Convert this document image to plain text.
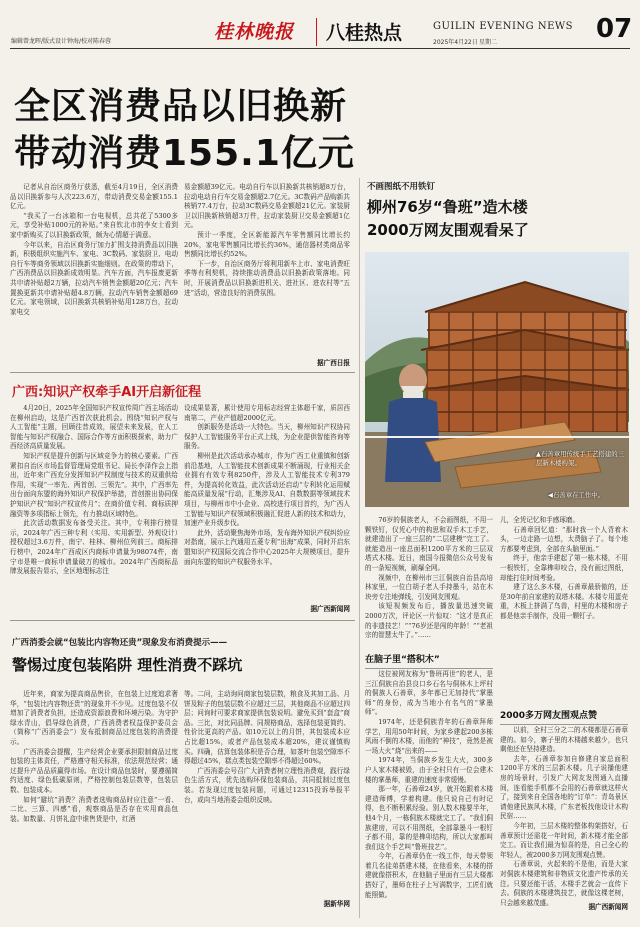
编辑曾龙晖/版式设计钟海/校对陈春蓉	桂林晚报 八桂热点	GUILIN EVENING NEWS
2025年4月22日 星期二	07
全区消费品以旧换新
带动消费155.1亿元

记者从自治区商务厅获悉，截至4月19日，全区消费品以旧换新参与人次223.6万，带动消费交易金额155.1亿元。

“我买了一台冰箱和一台电视机，总共花了5300多元，享受补贴1000元的补贴。”来自钦北市的李女士看到家中新购买了以旧换新政策，颇为心情超于满意。

今年以来，自治区商务厅加力扩围支持消费品以旧换新，积极组织实施汽车、家电、3C数码、家装厨卫、电动自行车等商务领域以旧换新实施细则。在政策的带动下，广西消费品以旧换新成效明显。汽车方面，汽车报废更新共申请补贴超2万辆，拉动汽车销售金额超20亿元；汽车置换更新共申请补贴超4.8万辆，拉动汽车销售金额超69亿元。家电领域，以旧换新共核销补贴用128万台，拉动家电交

易金额超39亿元。电动自行车以旧换新共核销超8万台，拉动电动自行车交易金额超2.7亿元。3C数码产品购新共核销77.4万台，拉动3C数码交易金额超21亿元。家装厨卫以旧换新核销超3万件，拉动家装厨卫交易金额超1亿元。

预计一季度，全区新能源汽车零售额同比增长约20%，家电零售额同比增长约36%，通信器材类商品零售额同比增长约52%。

下一步，自治区商务厅将利用新车上市、家电消费旺季等有利契机，持续推动消费品以旧换新政策落地。同时，开展消费品以旧换新进机关、进社区、进农村等“五进”活动，营造良好的消费氛围。

据广西日报
广西:知识产权牵手AI开启新征程

4月20日，2025年全国知识产权宣传周广西主场活动在柳州启动，这是广西首次获此机会。围绕“知识产权与人工智能”主题，回顾往昔成效，展望未来发展，在人工智能与知识产权融合、国际合作等方面积极探索，助力广西经济高质量发展。

知识产权是提升创新与区域竞争力的核心要素。广西紧扣自治区市场监督管理局党组书记、局长李泽作会上指出，近年来广西充分发挥知识产权制度与技术的双重供给作用，实现“一率先、两首创、三领先”。其中，广西率先出台面向东盟的海外知识产权保护举措，首创推出协同保护知识产权“知识产权宣传月”；在商价值专利、商标质押融资等多项指标上领先，有力推动区域特色。

此次活动数据发布备受关注。其中，专利排行榜显示，2024年广西三种专利（实用、实用新型、外观设计）授权超过3.6万件，南宁、桂林、柳州位列前三。商标排行榜中，2024年广西成区内商标申请量为98074件，南宁市是唯一商标申请量破万的城市。2024年广西商标品牌发展报告显示，全区地理标志注

设成果显著，累计使用专用标志经营主体超千家，质居西南第二，产业产值超2000亿元。

创新服务是活动一大特色。当天，柳州知识产权协同保护人工智能服务平台正式上线，为企业提供智能咨询等服务。

柳州是此次活动承办城市，作为广西工业重镇和创新前沿基地，人工智能技术创新成果不断涌现，行业相关企业拥有有效专利8250件，涉及人工智能技术专利379件，为提高转化效益，此次活动还启动“专利转化运用赋能高质量发展”行动，汇集涉及AI、自数数据等领域技术项目，与柳州市中小企业、高校进行项目首约，为广西人工智能与知识产权领域积极融汇促进人新的技术和动力，加速产业升级步伐。

此外，活动聚焦海外市场，发布海外知识产权纠纷应对指南，展示上汽通用五菱专利“出海”成果，同时开启东盟知识产权国际交流合作中心2025年大规模项目，提升面向东盟的知识产权服务水平。

据广西新闻网
广西消委会就“包装比内容物还贵”现象发布消费提示——
警惕过度包装陷阱 理性消费不踩坑

近年来，商家为提高商品售价，在包装上过度追求奢华，“包装比内容物还贵”的现象并不少见。过度包装不仅增加了消费者负担，还造成资源浪费和环境污染。为守护绿水青山，倡导绿色消费，广西消费者权益保护委员会（简称“广西消委会”）发布抵制商品过度包装的消费提示。

广西消委会提醒，生产经营企业要承担限制商品过度包装的主体责任，严格遵守相关标准，依法规范经营；通过提升产品品质赢得市场。在设计商品包装时，要遵循简约适度、绿色低碳原则，严格控制包装层数等，包装层数、包装成本。

如何“避坑”消费？消费者选购商品时应注意“一看、二比、三算、四感”看，观察商品是否存在实用商品包装。如数量、月饼礼盒中谁售货是中，红酒

等。二问，主动询问商家包装层数，粮食及其加工品、月饼及粽子的包装层数不应超过三层，其他商品不应超过四层；问询时可要求商家提供包装说明。避免买到“套盒”商品。三比，对比同品牌、同规格商品，选择包装更简约、性价比更高的产品。如10元以上的月饼，其包装成本应占比超15%，或者产品包装成本超20%，建议谨慎购买。四确，估算包装体积是否合理，如茶叶包装空隙率不得超过45%，糕点类包装空隙率不得超过60%。

广西消委会号召广大消费者树立理性消费观，践行绿色生活方式，优先选购环保包装商品，共同抵制过度包装。若发现过度包装问题，可通过12315投诉举报平台，或向当地消委会组织反映。

据新华网
不画图纸不用铁钉
柳州76岁“鲁班”造木楼
2000万网友围观看呆了
▲石善章用传统手工艺搭建的三层新木楼构架。
◀石善章在工作中。

76岁的侗族老人，不会画图纸，不用一颗铁钉，仅凭心中的构思和双手木工手艺，就建造出了一座三层的“二层建模”完工了。就能造出一座总面积1200平方米的三层双塔式木楼。近日，南国今报微信公众号发布的一条短视频，刷爆全网。

视频中，在柳州市三江侗族自治县高培林家里，一位白胡子老人手持墨斗，站在木块旁专注地弹线，引发网友围观。

该短视频发布后，播放量迅速突破2000万次，评论区一片惊叹：“这才是真正的非遗技艺！”“76岁还是闯的年龄！”“老祖宗的智慧太牛了。”……

在脑子里“搭积木”

这位被网友称为“鲁班再世”的老人，是三江侗族自治县良口乡石名与侗林木上坪村的侗族人石善章，多年都已无加持代“掌墨师”的身份，成为当地小有名气的“掌墨师”。

1974年，还是侗族青年的石善章拜师学艺，用用50年时间，为家乡建起200多栋风雨不倒的木楼，而他的“神技”，竟然是被一场大火“烧”出来的——

1974年，当侗族乡发生大火，300多户人家木楼被毁，由于全村只有一位会建木楼的掌墨师，重建的速度非常缓慢。

那一年，石善章24岁，就开始跟着木楼建造师傅，学着构建。他只说自己有时记得，也不断积累经验。别人数木楼要半年，他4个月，一栋侗族木楼就完工了。“我们侗族建房，可以不用图纸，全部靠墨斗一根钉子都不用，靠的是榫卯结构，所以大家都叫我们这个手艺叫“鲁班技艺”。

今年，石善章仍在一线工作，每天带领着几名徒弟搭建木楼，在他看来，木楼的搭建就像搭积木，在他脑子里面有三层大楼都搭好了，墨师在柱子上写满数字，工匠们就能照做。

儿，全凭记忆和手感琢磨。

石善章回忆道：“那时我一个人背着木头，一边走路一边想，太费脑子了。每个地方都要考虑到，全部在头脑里面。”

终于，他亲手建起了第一栋木楼，不用一根铁钉，全靠榫卯咬合，没有画过图纸，却能打住时间考验。

建了这么多木楼，石善章最骄傲的，还是30年前自家建的双塔木楼。木楼专用蛋壳重，木板上挤满了鸟兽，村里的木楼和房子都是他亲手制作，没用一颗钉子。

2000多万网友围观点赞

以前，全村三分之二的木楼都是石善章建的。如今，寨子里的木楼越来越少，也只剩他还在坚持建造。

去年，石善章参加自修建自家总面积1200平方米的三层新木楼。几子说播他建房的场景时，引发广大网友发图通入直播间，连看能手机都不会用的石善章就这样火了，接到来自全国各地的“订单”：青岛景区请他建民族风木楼，广东老板找他设计木构民宿……

今年初，三层木楼的整体构架搭好，石善章预计还需花一年时间，新木楼才能全部完工。而让我们最为惊喜的是，自己全心的年轻人，被2000多万网友围观点赞。

石善章说，火起来的不是他，而是大家对侗族木楼建筑和非物质文化遗产传承的关注。只要还能干活，木楼手艺就会一直传下去。侗族的木楼建筑技艺，就像这棵老树，只会越来越茂盛。

据广西新闻网
